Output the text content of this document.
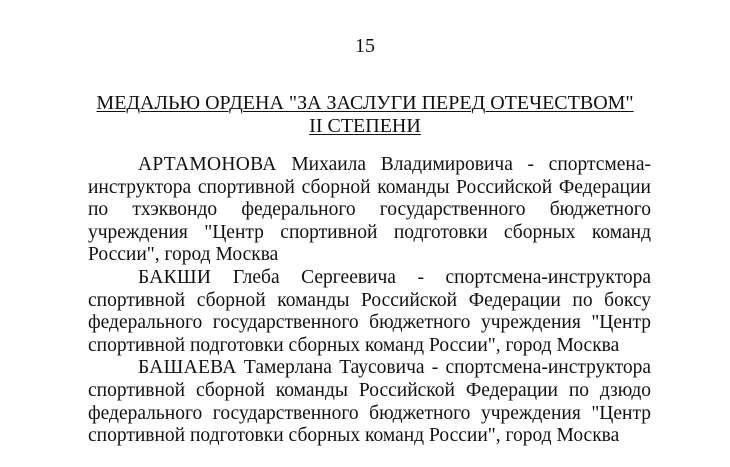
15
МЕДАЛЬЮ ОРДЕНА "ЗА ЗАСЛУГИ ПЕРЕД ОТЕЧЕСТВОМ"
II СТЕПЕНИ

АРТАМОНОВА Михаила Владимировича - спортсмена-инструктора спортивной сборной команды Российской Федерации по тхэквондо федерального государственного бюджетного учреждения "Центр спортивной подготовки сборных команд России", город Москва

БАКШИ Глеба Сергеевича - спортсмена-инструктора спортивной сборной команды Российской Федерации по боксу федерального государственного бюджетного учреждения "Центр спортивной подготовки сборных команд России", город Москва

БАШАЕВА Тамерлана Таусовича - спортсмена-инструктора спортивной сборной команды Российской Федерации по дзюдо федерального государственного бюджетного учреждения "Центр спортивной подготовки сборных команд России", город Москва
